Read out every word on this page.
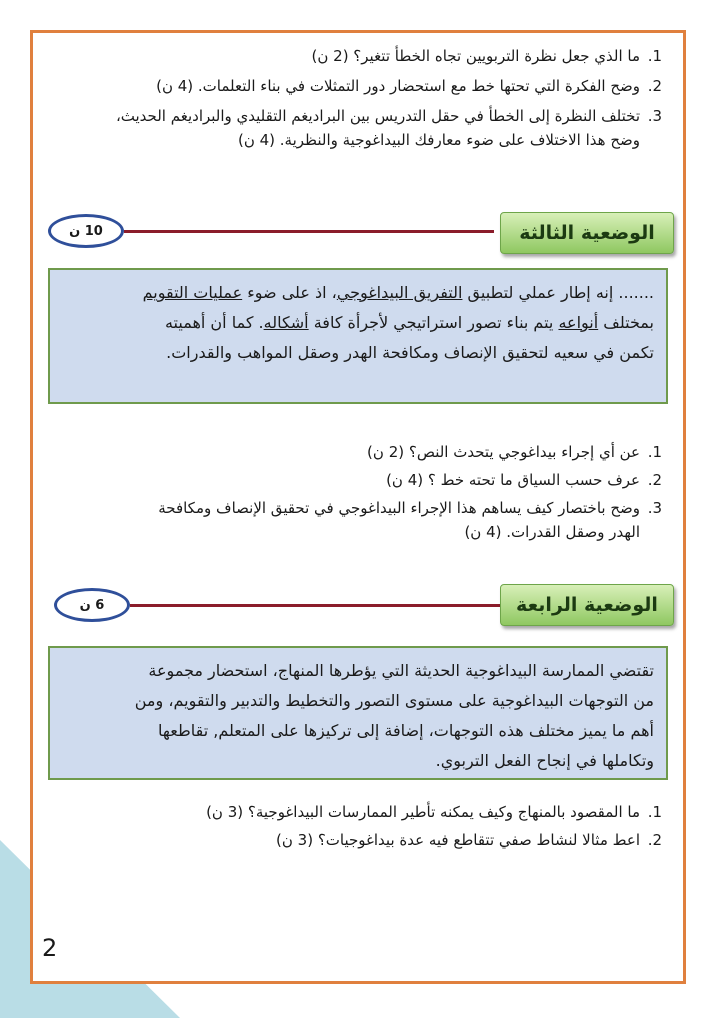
.1
ما الذي جعل نظرة التربويين تجاه الخطأ تتغير؟ (2 ن)
.2
وضح الفكرة التي تحتها خط مع استحضار دور التمثلات في بناء التعلمات. (4 ن)
.3
تختلف النظرة إلى الخطأ في حقل التدريس بين البراديغم التقليدي والبراديغم الحديث،
وضح هذا الاختلاف على ضوء معارفك البيداغوجية والنظرية. (4 ن)
10 ن	الوضعية الثالثة

....... إنه إطار عملي لتطبيق التفريق البيداغوجي، اذ على ضوء عمليات التقويم

بمختلف أنواعه يتم بناء تصور استراتيجي لأجرأة كافة أشكاله. كما أن أهميته

تكمن في سعيه لتحقيق الإنصاف ومكافحة الهدر وصقل المواهب والقدرات.

.1
عن أي إجراء بيداغوجي يتحدث النص؟ (2 ن)
.2
عرف حسب السياق ما تحته خط ؟ (4 ن)
.3
وضح باختصار كيف يساهم هذا الإجراء البيداغوجي في تحقيق الإنصاف ومكافحة
الهدر وصقل القدرات. (4 ن)
6 ن	الوضعية الرابعة

تقتضي الممارسة البيداغوجية الحديثة التي يؤطرها المنهاج، استحضار مجموعة

من التوجهات البيداغوجية على مستوى التصور والتخطيط والتدبير والتقويم، ومن

أهم ما يميز مختلف هذه التوجهات، إضافة إلى تركيزها على المتعلم, تقاطعها

وتكاملها في إنجاح الفعل التربوي.

.1
ما المقصود بالمنهاج وكيف يمكنه تأطير الممارسات البيداغوجية؟ (3 ن)
.2
اعط مثالا لنشاط صفي تتقاطع فيه عدة بيداغوجيات؟ (3 ن)
2
